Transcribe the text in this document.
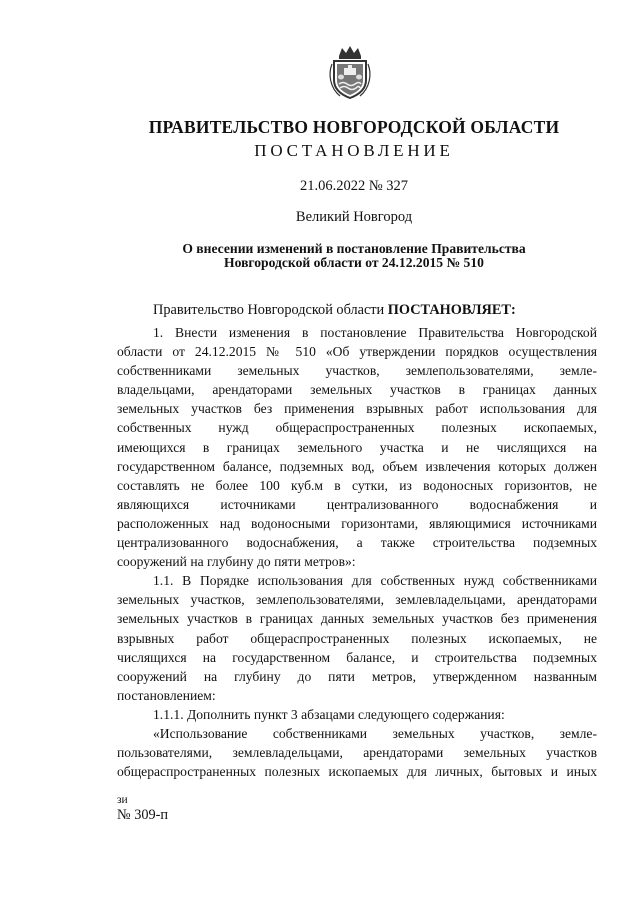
ПРАВИТЕЛЬСТВО НОВГОРОДСКОЙ ОБЛАСТИ
ПОСТАНОВЛЕНИЕ
21.06.2022 № 327
Великий Новгород
О внесении изменений в постановление Правительства
Новгородской области от 24.12.2015 № 510
Правительство Новгородской области ПОСТАНОВЛЯЕТ:
1. Внести изменения в постановление Правительства Новгородской
области от 24.12.2015 № 510 «Об утверждении порядков осуществления
собственниками земельных участков, землепользователями, земле-
владельцами, арендаторами земельных участков в границах данных
земельных участков без применения взрывных работ использования для
собственных нужд общераспространенных полезных ископаемых,
имеющихся в границах земельного участка и не числящихся на
государственном балансе, подземных вод, объем извлечения которых должен
составлять не более 100 куб.м в сутки, из водоносных горизонтов, не
являющихся источниками централизованного водоснабжения и
расположенных над водоносными горизонтами, являющимися источниками
централизованного водоснабжения, а также строительства подземных
сооружений на глубину до пяти метров»:
1.1. В Порядке использования для собственных нужд собственниками
земельных участков, землепользователями, землевладельцами, арендаторами
земельных участков в границах данных земельных участков без применения
взрывных работ общераспространенных полезных ископаемых, не
числящихся на государственном балансе, и строительства подземных
сооружений на глубину до пяти метров, утвержденном названным
постановлением:
1.1.1. Дополнить пункт 3 абзацами следующего содержания:
«Использование собственниками земельных участков, земле-
пользователями, землевладельцами, арендаторами земельных участков
общераспространенных полезных ископаемых для личных, бытовых и иных
зи
№ 309-п
